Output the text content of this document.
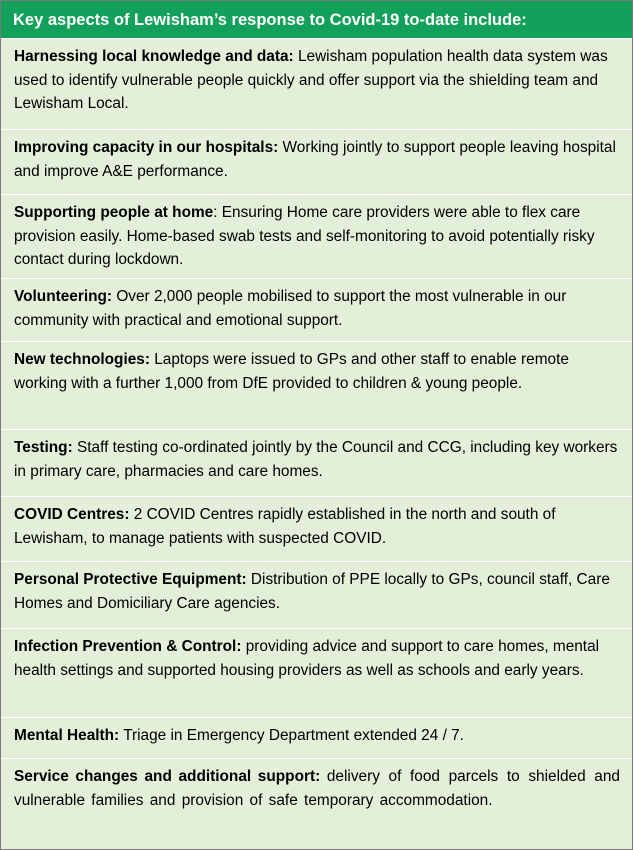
Key aspects of Lewisham’s response to Covid-19 to-date include:
Harnessing local knowledge and data: Lewisham population health data system was used to identify vulnerable people quickly and offer support via the shielding team and Lewisham Local.
Improving capacity in our hospitals: Working jointly to support people leaving hospital and improve A&E performance.
Supporting people at home: Ensuring Home care providers were able to flex care provision easily. Home-based swab tests and self-monitoring to avoid potentially risky contact during lockdown.
Volunteering: Over 2,000 people mobilised to support the most vulnerable in our community with practical and emotional support.
New technologies: Laptops were issued to GPs and other staff to enable remote working with a further 1,000 from DfE provided to children & young people.
Testing: Staff testing co-ordinated jointly by the Council and CCG, including key workers in primary care, pharmacies and care homes.
COVID Centres: 2 COVID Centres rapidly established in the north and south of Lewisham, to manage patients with suspected COVID.
Personal Protective Equipment: Distribution of PPE locally to GPs, council staff, Care Homes and Domiciliary Care agencies.
Infection Prevention & Control: providing advice and support to care homes, mental health settings and supported housing providers as well as schools and early years.
Mental Health: Triage in Emergency Department extended 24 / 7.
Service changes and additional support: delivery of food parcels to shielded and vulnerable families and provision of safe temporary accommodation.
